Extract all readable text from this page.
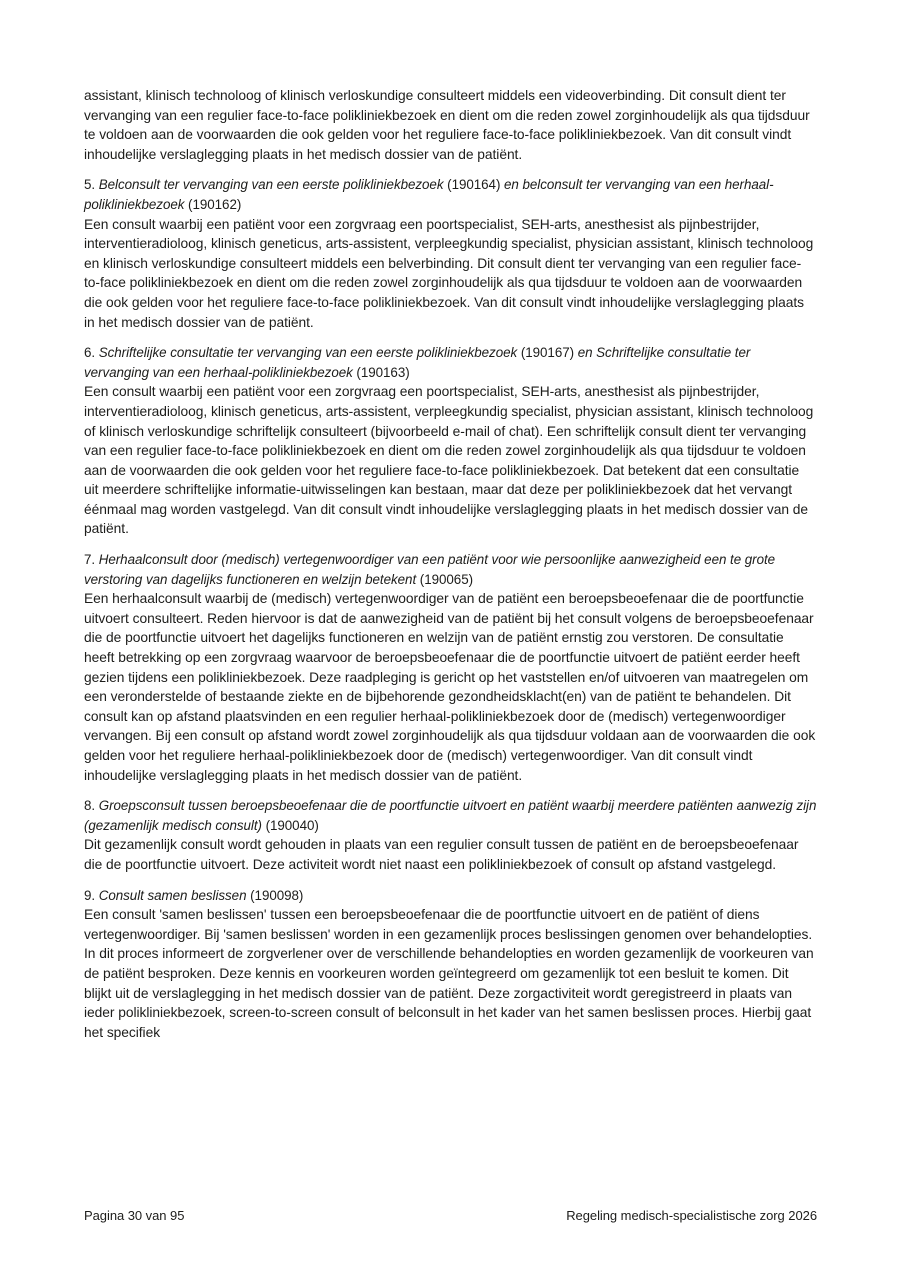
assistant, klinisch technoloog of klinisch verloskundige consulteert middels een videoverbinding. Dit consult dient ter vervanging van een regulier face-to-face polikliniekbezoek en dient om die reden zowel zorginhoudelijk als qua tijdsduur te voldoen aan de voorwaarden die ook gelden voor het reguliere face-to-face polikliniekbezoek. Van dit consult vindt inhoudelijke verslaglegging plaats in het medisch dossier van de patiënt.

5. Belconsult ter vervanging van een eerste polikliniekbezoek (190164) en belconsult ter vervanging van een herhaal-polikliniekbezoek (190162)

Een consult waarbij een patiënt voor een zorgvraag een poortspecialist, SEH-arts, anesthesist als pijnbestrijder, interventieradioloog, klinisch geneticus, arts-assistent, verpleegkundig specialist, physician assistant, klinisch technoloog en klinisch verloskundige consulteert middels een belverbinding. Dit consult dient ter vervanging van een regulier face-to-face polikliniekbezoek en dient om die reden zowel zorginhoudelijk als qua tijdsduur te voldoen aan de voorwaarden die ook gelden voor het reguliere face-to-face polikliniekbezoek. Van dit consult vindt inhoudelijke verslaglegging plaats in het medisch dossier van de patiënt.

6. Schriftelijke consultatie ter vervanging van een eerste polikliniekbezoek (190167) en Schriftelijke consultatie ter vervanging van een herhaal-polikliniekbezoek (190163)

Een consult waarbij een patiënt voor een zorgvraag een poortspecialist, SEH-arts, anesthesist als pijnbestrijder, interventieradioloog, klinisch geneticus, arts-assistent, verpleegkundig specialist, physician assistant, klinisch technoloog of klinisch verloskundige schriftelijk consulteert (bijvoorbeeld e-mail of chat). Een schriftelijk consult dient ter vervanging van een regulier face-to-face polikliniekbezoek en dient om die reden zowel zorginhoudelijk als qua tijdsduur te voldoen aan de voorwaarden die ook gelden voor het reguliere face-to-face polikliniekbezoek. Dat betekent dat een consultatie uit meerdere schriftelijke informatie-uitwisselingen kan bestaan, maar dat deze per polikliniekbezoek dat het vervangt éénmaal mag worden vastgelegd. Van dit consult vindt inhoudelijke verslaglegging plaats in het medisch dossier van de patiënt.

7. Herhaalconsult door (medisch) vertegenwoordiger van een patiënt voor wie persoonlijke aanwezigheid een te grote verstoring van dagelijks functioneren en welzijn betekent (190065)

Een herhaalconsult waarbij de (medisch) vertegenwoordiger van de patiënt een beroepsbeoefenaar die de poortfunctie uitvoert consulteert. Reden hiervoor is dat de aanwezigheid van de patiënt bij het consult volgens de beroepsbeoefenaar die de poortfunctie uitvoert het dagelijks functioneren en welzijn van de patiënt ernstig zou verstoren. De consultatie heeft betrekking op een zorgvraag waarvoor de beroepsbeoefenaar die de poortfunctie uitvoert de patiënt eerder heeft gezien tijdens een polikliniekbezoek. Deze raadpleging is gericht op het vaststellen en/of uitvoeren van maatregelen om een veronderstelde of bestaande ziekte en de bijbehorende gezondheidsklacht(en) van de patiënt te behandelen. Dit consult kan op afstand plaatsvinden en een regulier herhaal-polikliniekbezoek door de (medisch) vertegenwoordiger vervangen. Bij een consult op afstand wordt zowel zorginhoudelijk als qua tijdsduur voldaan aan de voorwaarden die ook gelden voor het reguliere herhaal-polikliniekbezoek door de (medisch) vertegenwoordiger. Van dit consult vindt inhoudelijke verslaglegging plaats in het medisch dossier van de patiënt.

8. Groepsconsult tussen beroepsbeoefenaar die de poortfunctie uitvoert en patiënt waarbij meerdere patiënten aanwezig zijn (gezamenlijk medisch consult) (190040)

Dit gezamenlijk consult wordt gehouden in plaats van een regulier consult tussen de patiënt en de beroepsbeoefenaar die de poortfunctie uitvoert. Deze activiteit wordt niet naast een polikliniekbezoek of consult op afstand vastgelegd.

9. Consult samen beslissen (190098)

Een consult 'samen beslissen' tussen een beroepsbeoefenaar die de poortfunctie uitvoert en de patiënt of diens vertegenwoordiger. Bij 'samen beslissen' worden in een gezamenlijk proces beslissingen genomen over behandelopties. In dit proces informeert de zorgverlener over de verschillende behandelopties en worden gezamenlijk de voorkeuren van de patiënt besproken. Deze kennis en voorkeuren worden geïntegreerd om gezamenlijk tot een besluit te komen. Dit blijkt uit de verslaglegging in het medisch dossier van de patiënt. Deze zorgactiviteit wordt geregistreerd in plaats van ieder polikliniekbezoek, screen-to-screen consult of belconsult in het kader van het samen beslissen proces. Hierbij gaat het specifiek

Pagina 30 van 95	Regeling medisch-specialistische zorg 2026
